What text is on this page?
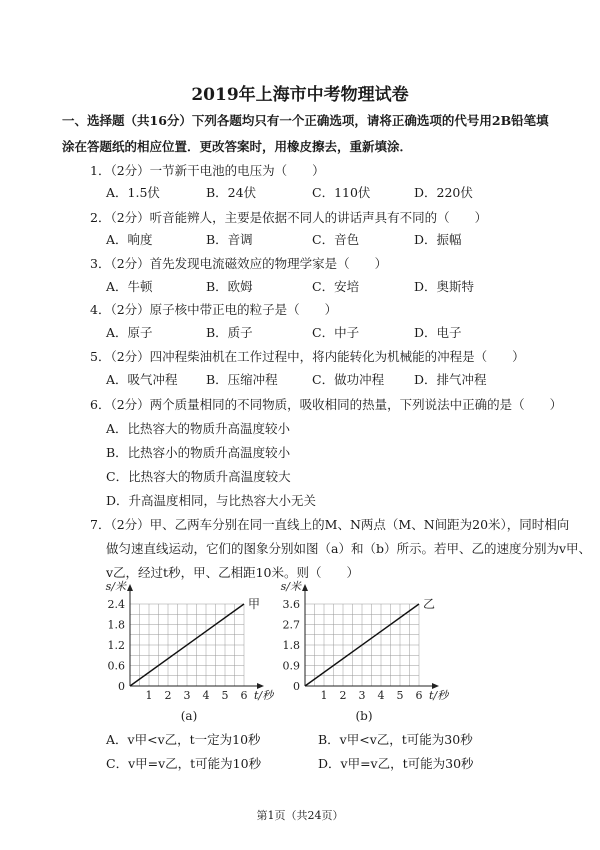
2019年上海市中考物理试卷
一、选择题（共16分）下列各题均只有一个正确选项，请将正确选项的代号用2B铅笔填
涂在答题纸的相应位置．更改答案时，用橡皮擦去，重新填涂．
1．（2分）一节新干电池的电压为（　　）
A．1.5伏	B．24伏	C．110伏	D．220伏
2．（2分）听音能辨人，主要是依据不同人的讲话声具有不同的（　　）
A．响度	B．音调	C．音色	D．振幅
3．（2分）首先发现电流磁效应的物理学家是（　　）
A．牛顿	B．欧姆	C．安培	D．奥斯特
4．（2分）原子核中带正电的粒子是（　　）
A．原子	B．质子	C．中子	D．电子
5．（2分）四冲程柴油机在工作过程中，将内能转化为机械能的冲程是（　　）
A．吸气冲程 B．压缩冲程	C．做功冲程 D．排气冲程
6．（2分）两个质量相同的不同物质，吸收相同的热量，下列说法中正确的是（　　）
A．比热容大的物质升高温度较小
B．比热容小的物质升高温度较小
C．比热容大的物质升高温度较大
D．升高温度相同，与比热容大小无关
7．（2分）甲、乙两车分别在同一直线上的M、N两点（M、N间距为20米），同时相向
做匀速直线运动，它们的图象分别如图（a）和（b）所示。若甲、乙的速度分别为v甲、
v乙，经过t秒，甲、乙相距10米。则（　　）
0
0.6
1.2
1.8
2.4
1 2 3 4 5 6
s/米
t/秒
甲
(a)
0
0.9
1.8
2.7
3.6
1 2 3 4 5 6
s/米
t/秒
乙
(b)
A．v甲<v乙，t一定为10秒	B．v甲<v乙，t可能为30秒
C．v甲=v乙，t可能为10秒	D．v甲=v乙，t可能为30秒
第1页（共24页）
